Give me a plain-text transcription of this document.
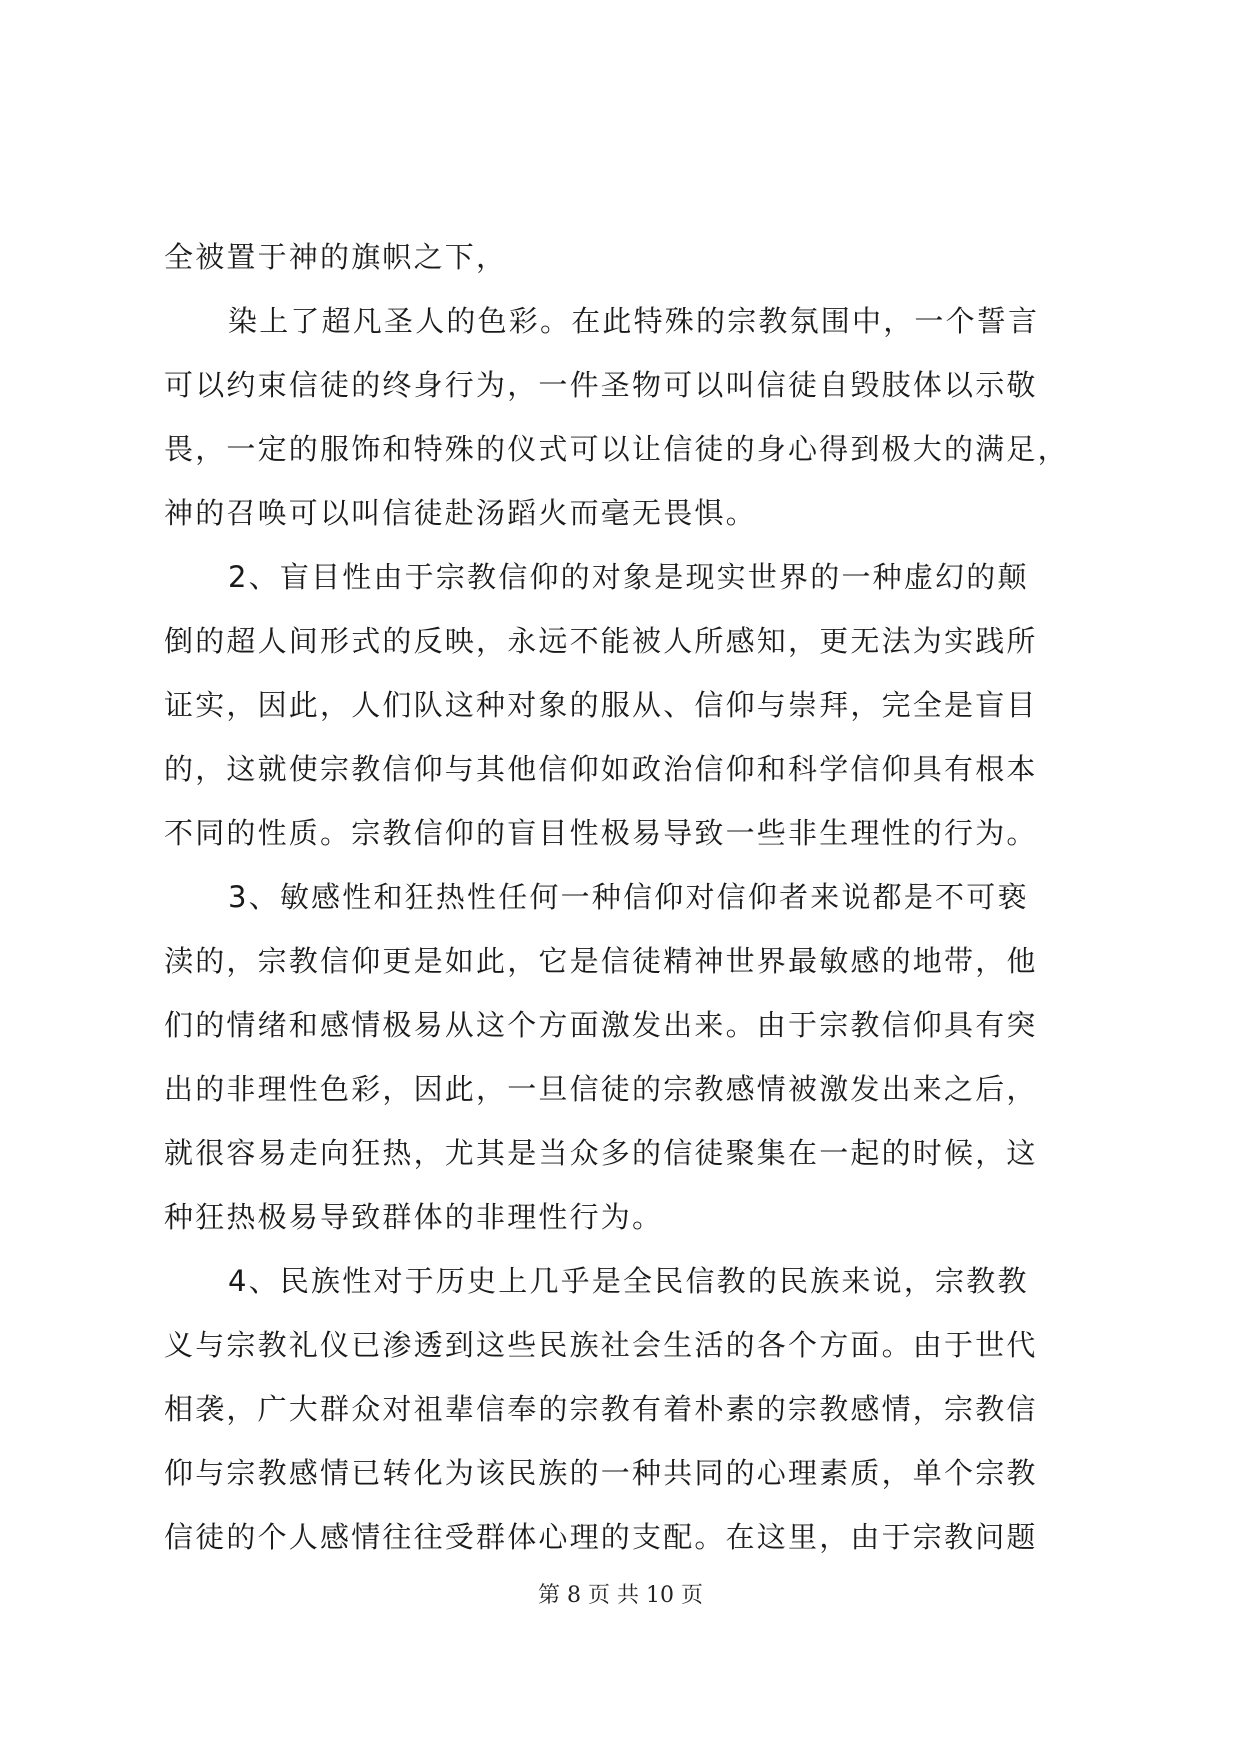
全被置于神的旗帜之下，
染上了超凡圣人的色彩。在此特殊的宗教氛围中，一个誓言
可以约束信徒的终身行为，一件圣物可以叫信徒自毁肢体以示敬
畏，一定的服饰和特殊的仪式可以让信徒的身心得到极大的满足，
神的召唤可以叫信徒赴汤蹈火而毫无畏惧。
2、盲目性由于宗教信仰的对象是现实世界的一种虚幻的颠
倒的超人间形式的反映，永远不能被人所感知，更无法为实践所
证实，因此，人们队这种对象的服从、信仰与崇拜，完全是盲目
的，这就使宗教信仰与其他信仰如政治信仰和科学信仰具有根本
不同的性质。宗教信仰的盲目性极易导致一些非生理性的行为。
3、敏感性和狂热性任何一种信仰对信仰者来说都是不可亵
渎的，宗教信仰更是如此，它是信徒精神世界最敏感的地带，他
们的情绪和感情极易从这个方面激发出来。由于宗教信仰具有突
出的非理性色彩，因此，一旦信徒的宗教感情被激发出来之后，
就很容易走向狂热，尤其是当众多的信徒聚集在一起的时候，这
种狂热极易导致群体的非理性行为。
4、民族性对于历史上几乎是全民信教的民族来说，宗教教
义与宗教礼仪已渗透到这些民族社会生活的各个方面。由于世代
相袭，广大群众对祖辈信奉的宗教有着朴素的宗教感情，宗教信
仰与宗教感情已转化为该民族的一种共同的心理素质，单个宗教
信徒的个人感情往往受群体心理的支配。在这里，由于宗教问题
第 8 页 共 10 页
